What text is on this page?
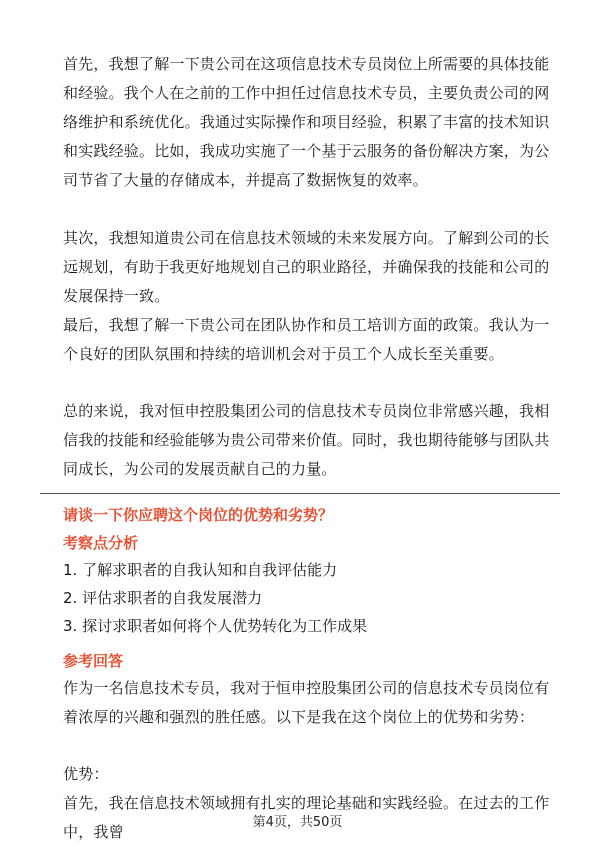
首先，我想了解一下贵公司在这项信息技术专员岗位上所需要的具体技能和经验。我个人在之前的工作中担任过信息技术专员，主要负责公司的网络维护和系统优化。我通过实际操作和项目经验，积累了丰富的技术知识和实践经验。比如，我成功实施了一个基于云服务的备份解决方案，为公司节省了大量的存储成本，并提高了数据恢复的效率。

其次，我想知道贵公司在信息技术领域的未来发展方向。了解到公司的长远规划，有助于我更好地规划自己的职业路径，并确保我的技能和公司的发展保持一致。

最后，我想了解一下贵公司在团队协作和员工培训方面的政策。我认为一个良好的团队氛围和持续的培训机会对于员工个人成长至关重要。

总的来说，我对恒申控股集团公司的信息技术专员岗位非常感兴趣，我相信我的技能和经验能够为贵公司带来价值。同时，我也期待能够与团队共同成长，为公司的发展贡献自己的力量。

请谈一下你应聘这个岗位的优势和劣势？

考察点分析

1. 了解求职者的自我认知和自我评估能力

2. 评估求职者的自我发展潜力

3. 探讨求职者如何将个人优势转化为工作成果

参考回答

作为一名信息技术专员，我对于恒申控股集团公司的信息技术专员岗位有着浓厚的兴趣和强烈的胜任感。以下是我在这个岗位上的优势和劣势：

优势：

首先，我在信息技术领域拥有扎实的理论基础和实践经验。在过去的工作中，我曾

第4页，共50页
